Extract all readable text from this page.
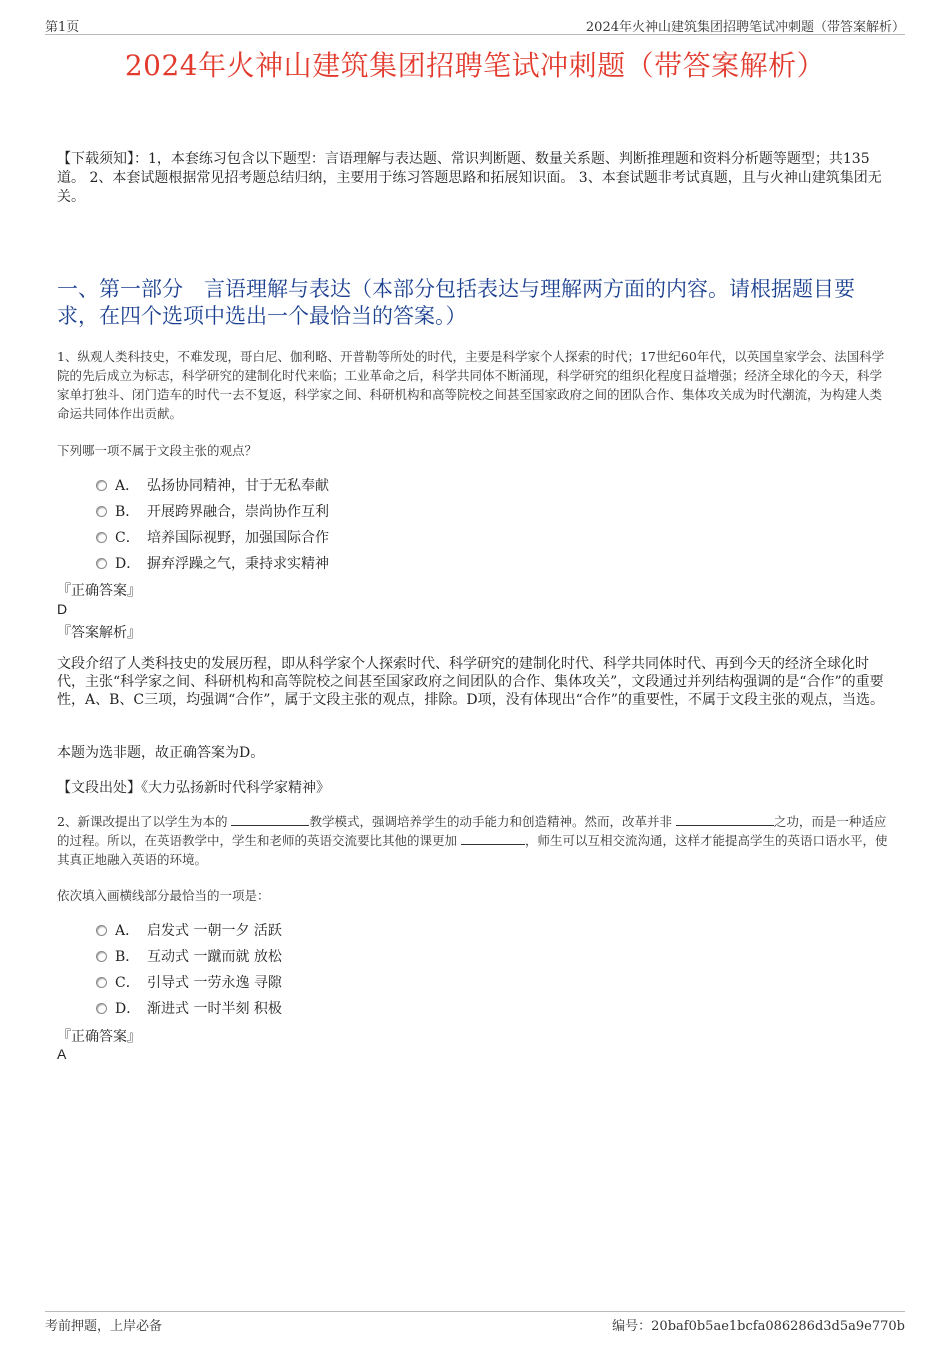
第1页	2024年火神山建筑集团招聘笔试冲刺题（带答案解析）
2024年火神山建筑集团招聘笔试冲刺题（带答案解析）
【下载须知】：1，本套练习包含以下题型：言语理解与表达题、常识判断题、数量关系题、判断推理题和资料分析题等题型；共135道。 2、本套试题根据常见招考题总结归纳，主要用于练习答题思路和拓展知识面。 3、本套试题非考试真题，且与火神山建筑集团无关。
一、第一部分　言语理解与表达（本部分包括表达与理解两方面的内容。请根据题目要求，在四个选项中选出一个最恰当的答案。）
1、纵观人类科技史，不难发现，哥白尼、伽利略、开普勒等所处的时代，主要是科学家个人探索的时代；17世纪60年代，以英国皇家学会、法国科学院的先后成立为标志，科学研究的建制化时代来临；工业革命之后，科学共同体不断涌现，科学研究的组织化程度日益增强；经济全球化的今天，科学家单打独斗、闭门造车的时代一去不复返，科学家之间、科研机构和高等院校之间甚至国家政府之间的团队合作、集体攻关成为时代潮流，为构建人类命运共同体作出贡献。
下列哪一项不属于文段主张的观点？
A． 弘扬协同精神，甘于无私奉献
B． 开展跨界融合，崇尚协作互利
C． 培养国际视野，加强国际合作
D． 摒弃浮躁之气，秉持求实精神
『正确答案』
D
『答案解析』
文段介绍了人类科技史的发展历程，即从科学家个人探索时代、科学研究的建制化时代、科学共同体时代、再到今天的经济全球化时代，主张“科学家之间、科研机构和高等院校之间甚至国家政府之间团队的合作、集体攻关”，文段通过并列结构强调的是“合作”的重要性，A、B、C三项，均强调“合作”，属于文段主张的观点，排除。D项，没有体现出“合作”的重要性，不属于文段主张的观点，当选。
本题为选非题，故正确答案为D。
【文段出处】《大力弘扬新时代科学家精神》
2、新课改提出了以学生为本的	教学模式，强调培养学生的动手能力和创造精神。然而，改革并非	之功，而是一种适应的过程。所以，在英语教学中，学生和老师的英语交流要比其他的课更加	，师生可以互相交流沟通，这样才能提高学生的英语口语水平，使其真正地融入英语的环境。
依次填入画横线部分最恰当的一项是：
A． 启发式 一朝一夕 活跃
B． 互动式 一蹴而就 放松
C． 引导式 一劳永逸 寻隙
D． 渐进式 一时半刻 积极
『正确答案』
A
考前押题，上岸必备	编号：20baf0b5ae1bcfa086286d3d5a9e770b
